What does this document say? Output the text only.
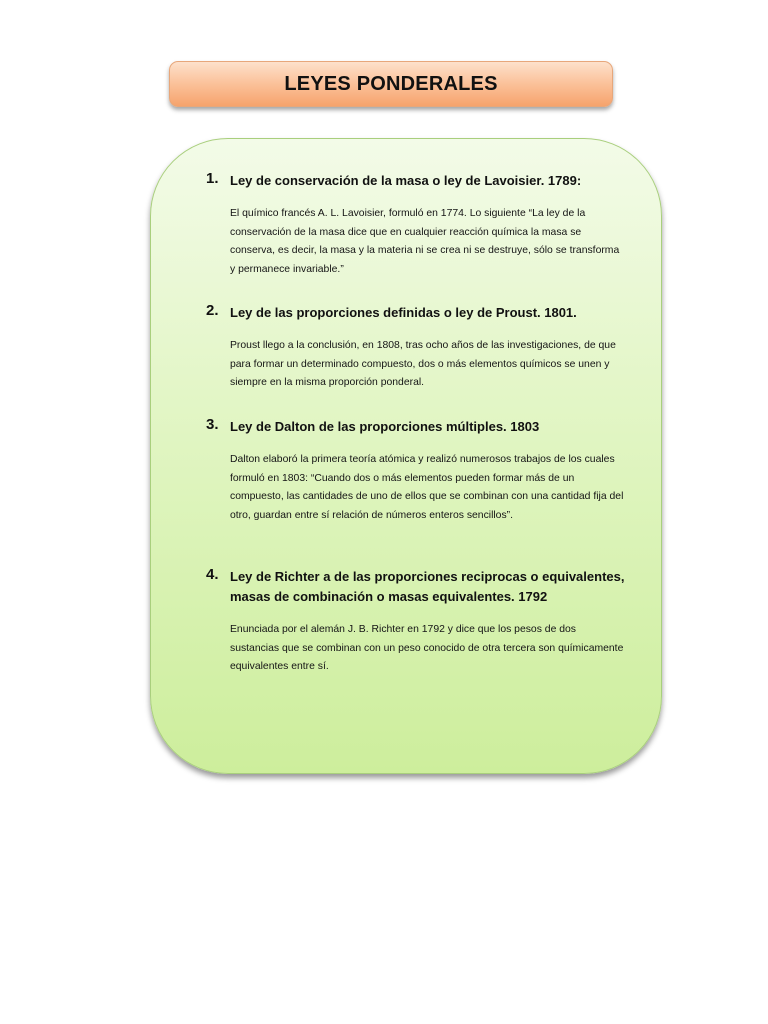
LEYES PONDERALES
1. Ley de conservación de la masa o ley de Lavoisier. 1789:

El químico francés A. L. Lavoisier, formuló en 1774. Lo siguiente “La ley de la conservación de la masa dice que en cualquier reacción química la masa se conserva, es decir, la masa y la materia ni se crea ni se destruye, sólo se transforma y permanece invariable.”

2. Ley de las proporciones definidas o ley de Proust. 1801.

Proust llego a la conclusión, en 1808, tras ocho años de las investigaciones, de que para formar un determinado compuesto, dos o más elementos químicos se unen y siempre en la misma proporción ponderal.

3. Ley de Dalton de las proporciones múltiples. 1803

Dalton elaboró la primera teoría atómica y realizó numerosos trabajos de los cuales formuló en 1803: “Cuando dos o más elementos pueden formar más de un compuesto, las cantidades de uno de ellos que se combinan con una cantidad fija del otro, guardan entre sí relación de números enteros sencillos”.

4. Ley de Richter a de las proporciones reciprocas o equivalentes, masas de combinación o masas equivalentes. 1792

Enunciada por el alemán J. B. Richter en 1792 y dice que los pesos de dos sustancias que se combinan con un peso conocido de otra tercera son químicamente equivalentes entre sí.
